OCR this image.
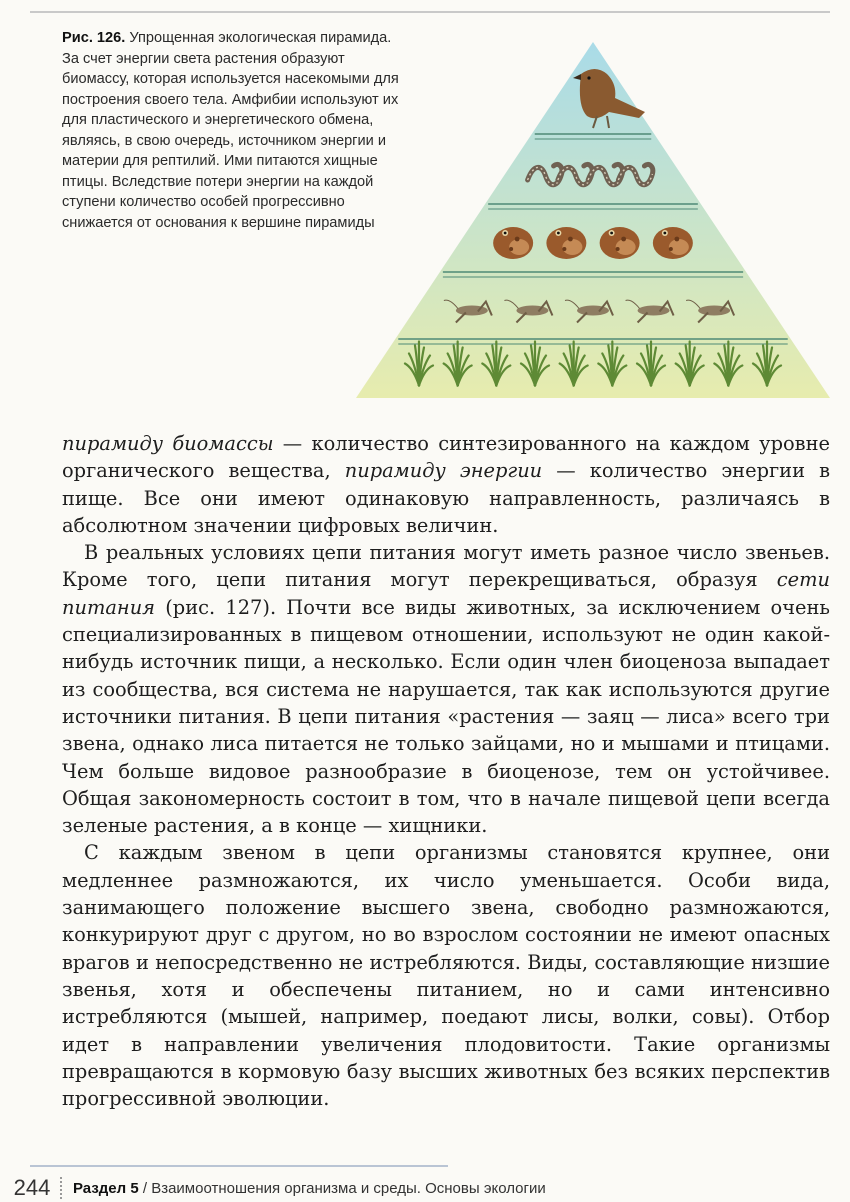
Рис. 126. Упрощенная экологическая пирамида. За счет энергии света растения образуют биомассу, которая используется насекомыми для построения своего тела. Амфибии используют их для пластического и энергетического обмена, являясь, в свою очередь, источником энергии и материи для рептилий. Ими питаются хищные птицы. Вследствие потери энергии на каждой ступени количество особей прогрессивно снижается от основания к вершине пирамиды

пирамиду биомассы — количество синтезированного на каждом уровне органического вещества, пирамиду энергии — количество энергии в пище. Все они имеют одинаковую направленность, различаясь в абсолютном значении цифровых величин.

В реальных условиях цепи питания могут иметь разное число звеньев. Кроме того, цепи питания могут перекрещиваться, образуя сети питания (рис. 127). Почти все виды животных, за исключением очень специализированных в пищевом отношении, используют не один какой-нибудь источник пищи, а несколько. Если один член биоценоза выпадает из сообщества, вся система не нарушается, так как используются другие источники питания. В цепи питания «растения — заяц — лиса» всего три звена, однако лиса питается не только зайцами, но и мышами и птицами. Чем больше видовое разнообразие в биоценозе, тем он устойчивее. Общая закономерность состоит в том, что в начале пищевой цепи всегда зеленые растения, а в конце — хищники.

С каждым звеном в цепи организмы становятся крупнее, они медленнее размножаются, их число уменьшается. Особи вида, занимающего положение высшего звена, свободно размножаются, конкурируют друг с другом, но во взрослом состоянии не имеют опасных врагов и непосредственно не истребляются. Виды, составляющие низшие звенья, хотя и обеспечены питанием, но и сами интенсивно истребляются (мышей, например, поедают лисы, волки, совы). Отбор идет в направлении увеличения плодовитости. Такие организмы превращаются в кормовую базу высших животных без всяких перспектив прогрессивной эволюции.

244	Раздел 5 / Взаимоотношения организма и среды. Основы экологии
